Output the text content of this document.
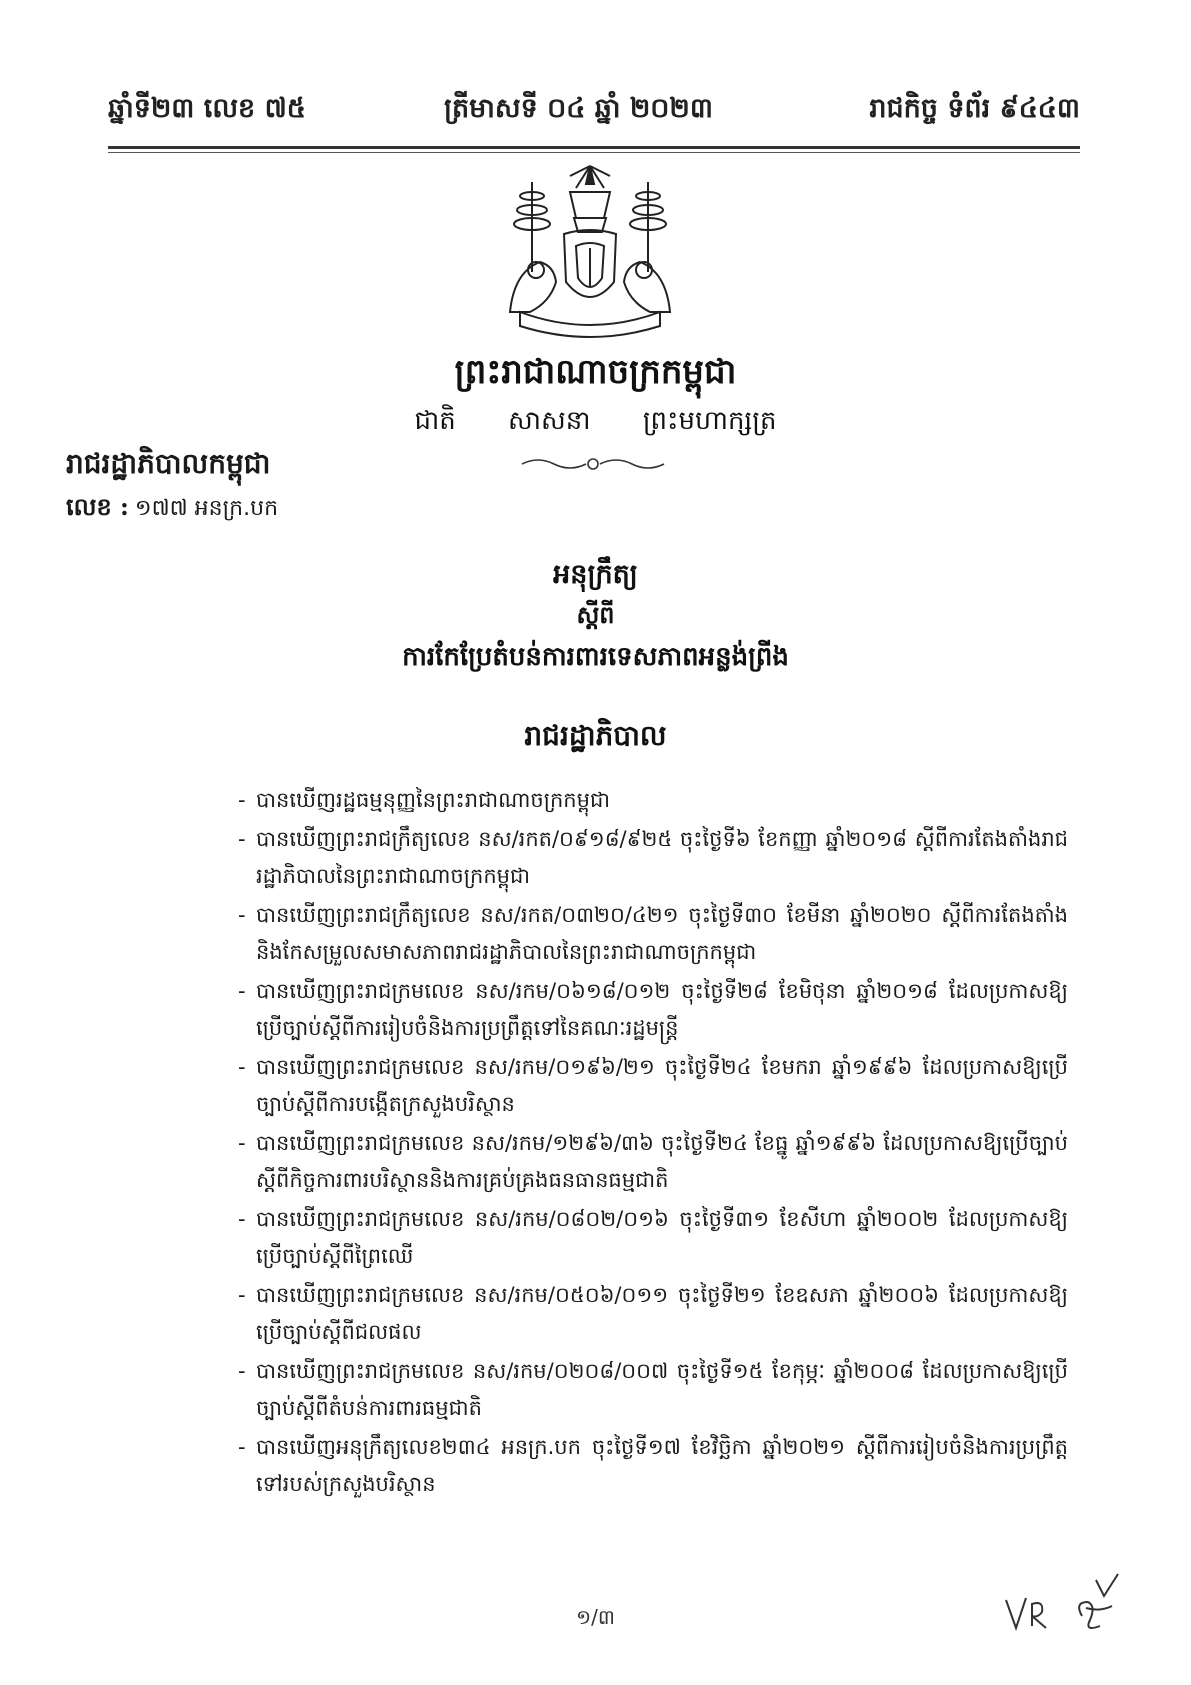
ឆ្នាំទី២៣ លេខ ៧៥	ត្រីមាសទី ០៤ ឆ្នាំ ២០២៣	រាជកិច្ច ទំព័រ ៩៤៤៣
ព្រះរាជាណាចក្រកម្ពុជា
ជាតិ សាសនា ព្រះមហាក្សត្រ
រាជរដ្ឋាភិបាលកម្ពុជា
លេខ : ១៧៧ អនក្រ.បក
អនុក្រឹត្យ
ស្តីពី
ការកែប្រែតំបន់ការពារទេសភាពអន្លង់ព្រីង
រាជរដ្ឋាភិបាល
- បានឃើញរដ្ឋធម្មនុញ្ញនៃព្រះរាជាណាចក្រកម្ពុជា
- បានឃើញព្រះរាជក្រឹត្យលេខ នស/រកត/០៩១៨/៩២៥ ចុះថ្ងៃទី៦ ខែកញ្ញា ឆ្នាំ២០១៨ ស្តីពីការតែងតាំងរាជរដ្ឋាភិបាលនៃព្រះរាជាណាចក្រកម្ពុជា
- បានឃើញព្រះរាជក្រឹត្យលេខ នស/រកត/០៣២០/៤២១ ចុះថ្ងៃទី៣០ ខែមីនា ឆ្នាំ២០២០ ស្តីពីការតែងតាំងនិងកែសម្រួលសមាសភាពរាជរដ្ឋាភិបាលនៃព្រះរាជាណាចក្រកម្ពុជា
- បានឃើញព្រះរាជក្រមលេខ នស/រកម/០៦១៨/០១២ ចុះថ្ងៃទី២៨ ខែមិថុនា ឆ្នាំ២០១៨ ដែលប្រកាសឱ្យប្រើច្បាប់ស្តីពីការរៀបចំនិងការប្រព្រឹត្តទៅនៃគណៈរដ្ឋមន្ត្រី
- បានឃើញព្រះរាជក្រមលេខ នស/រកម/០១៩៦/២១ ចុះថ្ងៃទី២៤ ខែមករា ឆ្នាំ១៩៩៦ ដែលប្រកាសឱ្យប្រើច្បាប់ស្តីពីការបង្កើតក្រសួងបរិស្ថាន
- បានឃើញព្រះរាជក្រមលេខ នស/រកម/១២៩៦/៣៦ ចុះថ្ងៃទី២៤ ខែធ្នូ ឆ្នាំ១៩៩៦ ដែលប្រកាសឱ្យប្រើច្បាប់ស្តីពីកិច្ចការពារបរិស្ថាននិងការគ្រប់គ្រងធនធានធម្មជាតិ
- បានឃើញព្រះរាជក្រមលេខ នស/រកម/០៨០២/០១៦ ចុះថ្ងៃទី៣១ ខែសីហា ឆ្នាំ២០០២ ដែលប្រកាសឱ្យប្រើច្បាប់ស្តីពីព្រៃឈើ
- បានឃើញព្រះរាជក្រមលេខ នស/រកម/០៥០៦/០១១ ចុះថ្ងៃទី២១ ខែឧសភា ឆ្នាំ២០០៦ ដែលប្រកាសឱ្យប្រើច្បាប់ស្តីពីជលផល
- បានឃើញព្រះរាជក្រមលេខ នស/រកម/០២០៨/០០៧ ចុះថ្ងៃទី១៥ ខែកុម្ភៈ ឆ្នាំ២០០៨ ដែលប្រកាសឱ្យប្រើច្បាប់ស្តីពីតំបន់ការពារធម្មជាតិ
- បានឃើញអនុក្រឹត្យលេខ២៣៤ អនក្រ.បក ចុះថ្ងៃទី១៧ ខែវិច្ឆិកា ឆ្នាំ២០២១ ស្តីពីការរៀបចំនិងការប្រព្រឹត្តទៅរបស់ក្រសួងបរិស្ថាន
១/៣
